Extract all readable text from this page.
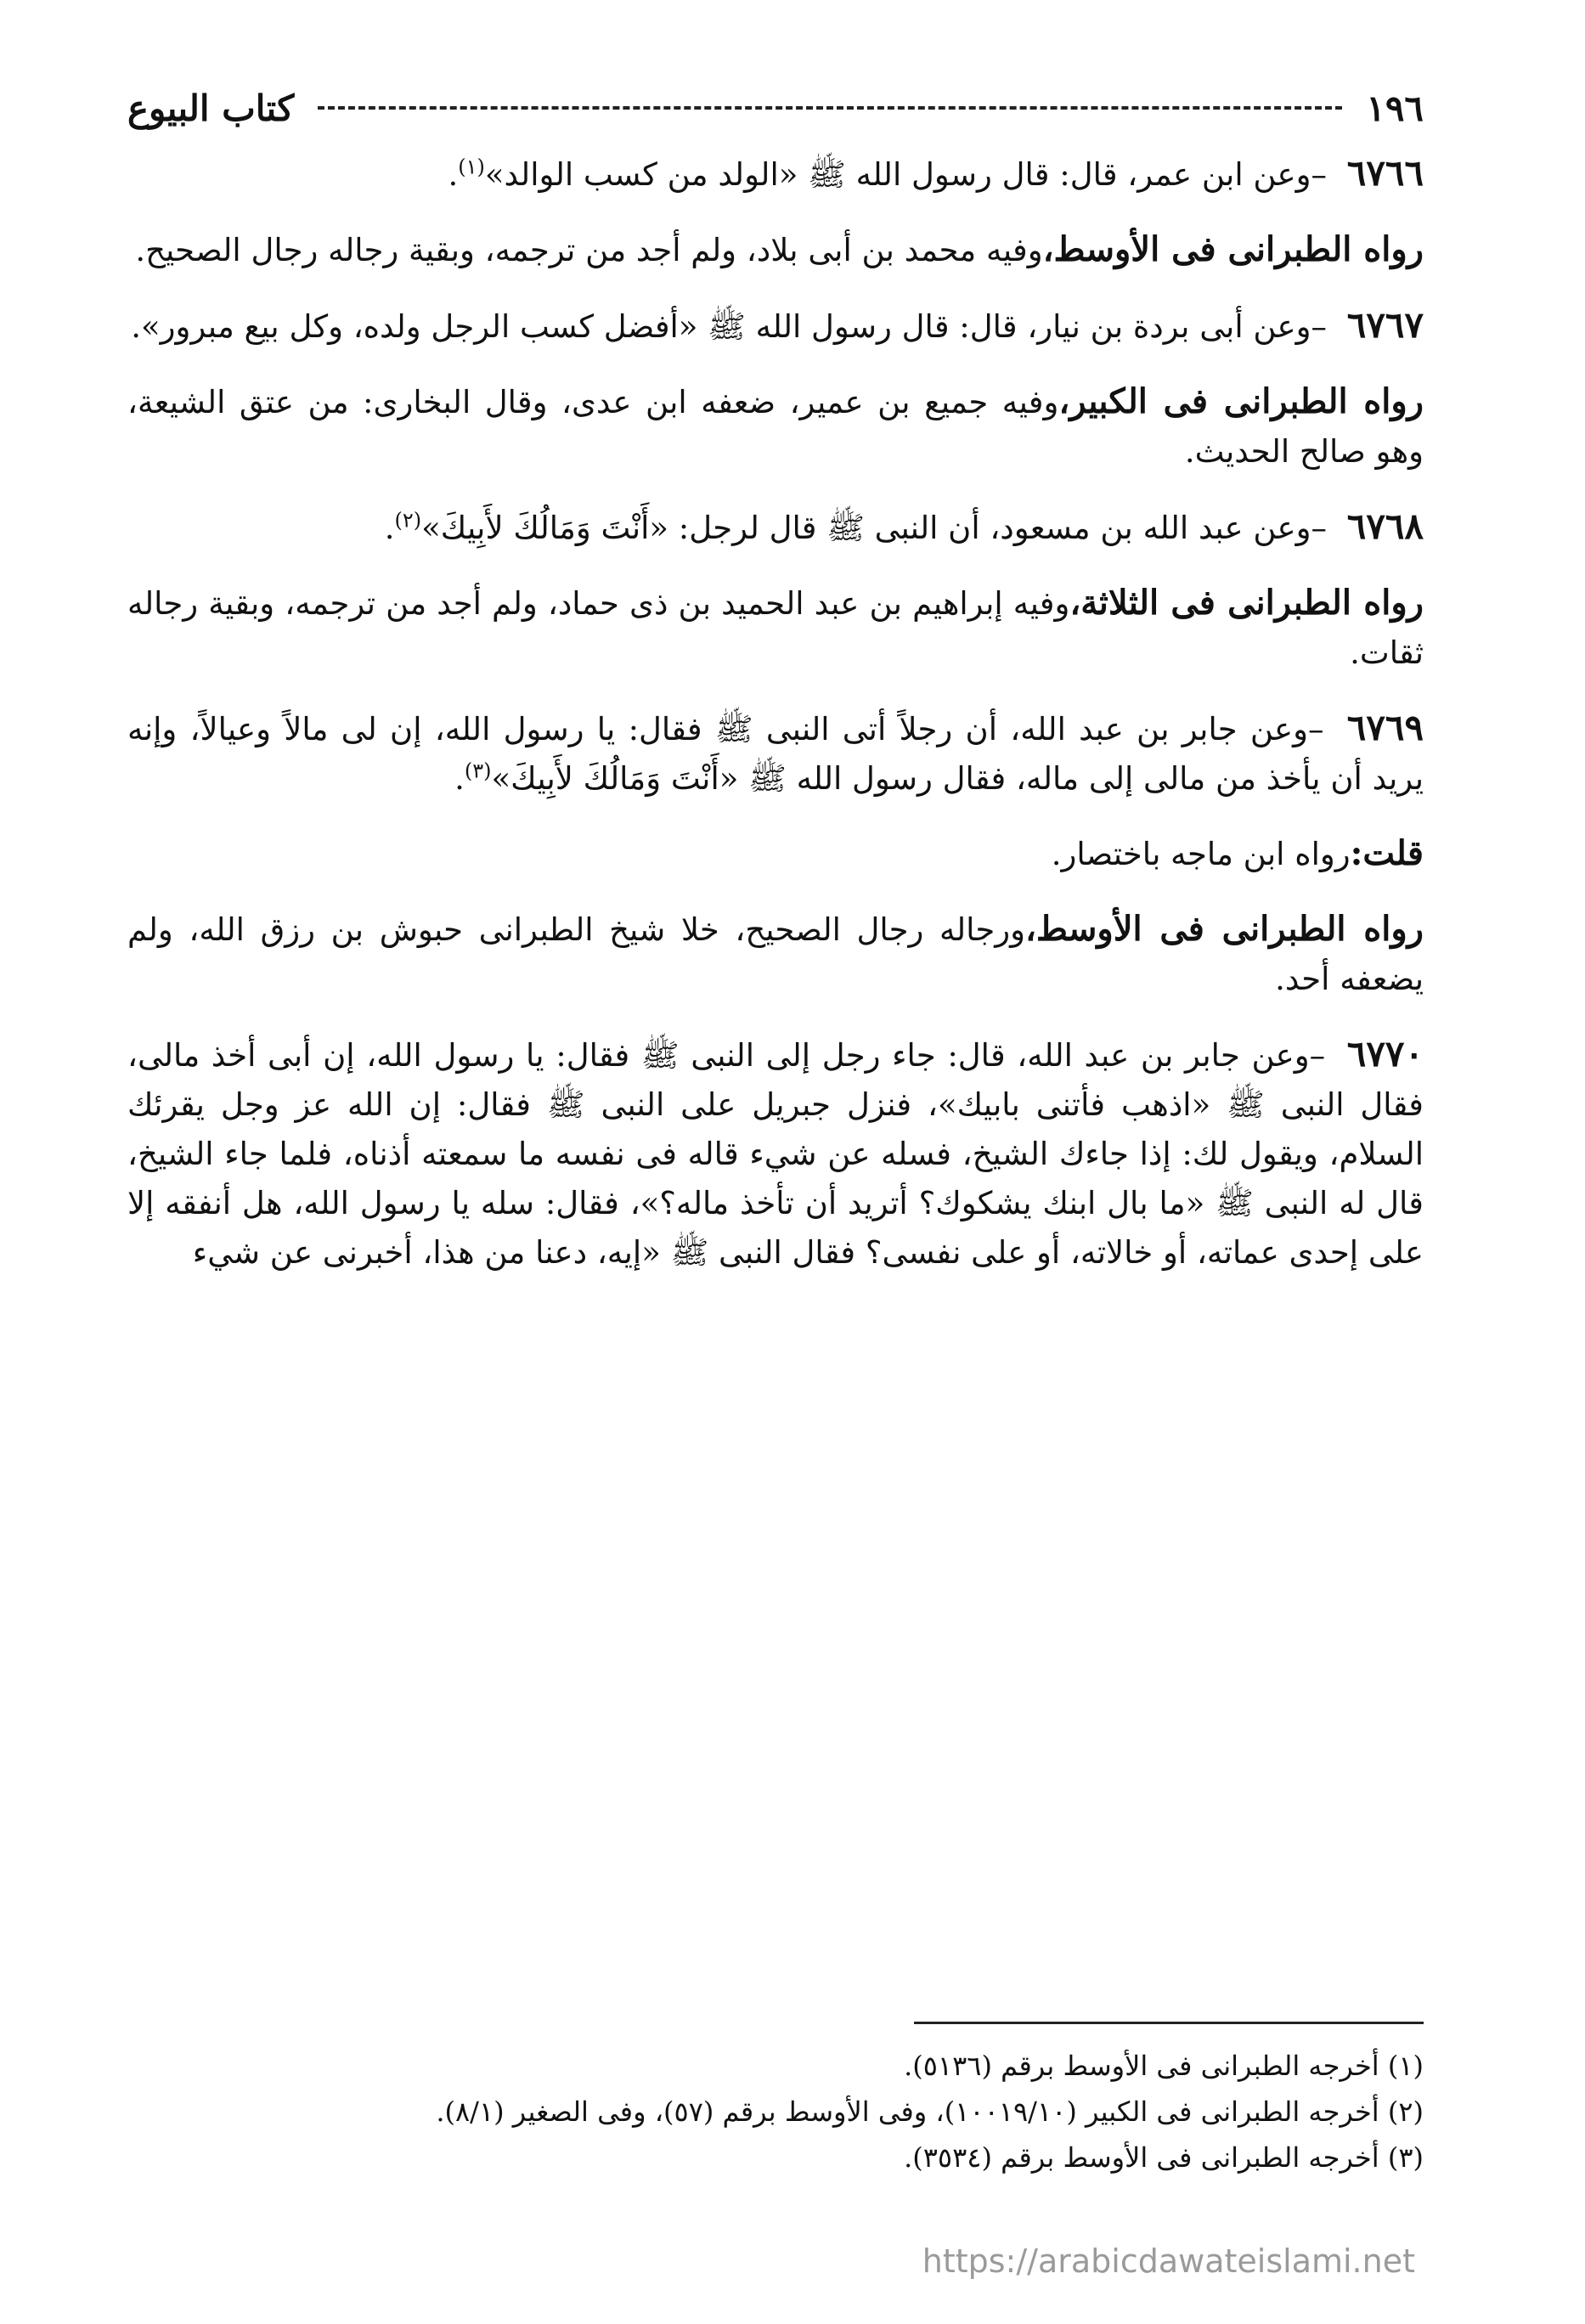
١٩٦
كتاب البيوع

٦٧٦٦ –وعن ابن عمر، قال: قال رسول الله ﷺ «الولد من كسب الوالد»$^{(١)}$.

رواه الطبرانى فى الأوسط،وفيه محمد بن أبى بلاد، ولم أجد من ترجمه، وبقية رجاله رجال الصحيح.

٦٧٦٧ –وعن أبى بردة بن نيار، قال: قال رسول الله ﷺ «أفضل كسب الرجل ولده، وكل بيع مبرور».

رواه الطبرانى فى الكبير،وفيه جميع بن عمير، ضعفه ابن عدى، وقال البخارى: من عتق الشيعة، وهو صالح الحديث.

٦٧٦٨ –وعن عبد الله بن مسعود، أن النبى ﷺ قال لرجل: «أَنْتَ وَمَالُكَ لأَبِيكَ»$^{(٢)}$.

رواه الطبرانى فى الثلاثة،وفيه إبراهيم بن عبد الحميد بن ذى حماد، ولم أجد من ترجمه، وبقية رجاله ثقات.

٦٧٦٩ –وعن جابر بن عبد الله، أن رجلاً أتى النبى ﷺ فقال: يا رسول الله، إن لى مالاً وعيالاً، وإنه يريد أن يأخذ من مالى إلى ماله، فقال رسول الله ﷺ «أَنْتَ وَمَالُكَ لأَبِيكَ»$^{(٣)}$.

قلت:رواه ابن ماجه باختصار.

رواه الطبرانى فى الأوسط،ورجاله رجال الصحيح، خلا شيخ الطبرانى حبوش بن رزق الله، ولم يضعفه أحد.

٦٧٧٠ –وعن جابر بن عبد الله، قال: جاء رجل إلى النبى ﷺ فقال: يا رسول الله، إن أبى أخذ مالى، فقال النبى ﷺ «اذهب فأتنى بابيك»، فنزل جبريل على النبى ﷺ فقال: إن الله عز وجل يقرئك السلام، ويقول لك: إذا جاءك الشيخ، فسله عن شيء قاله فى نفسه ما سمعته أذناه، فلما جاء الشيخ، قال له النبى ﷺ «ما بال ابنك يشكوك؟ أتريد أن تأخذ ماله؟»، فقال: سله يا رسول الله، هل أنفقه إلا على إحدى عماته، أو خالاته، أو على نفسى؟ فقال النبى ﷺ «إيه، دعنا من هذا، أخبرنى عن شيء

(١) أخرجه الطبرانى فى الأوسط برقم (٥١٣٦).
(٢) أخرجه الطبرانى فى الكبير (١٠٠١٩/١٠)، وفى الأوسط برقم (٥٧)، وفى الصغير (٨/١).
(٣) أخرجه الطبرانى فى الأوسط برقم (٣٥٣٤).
https://arabicdawateislami.net
